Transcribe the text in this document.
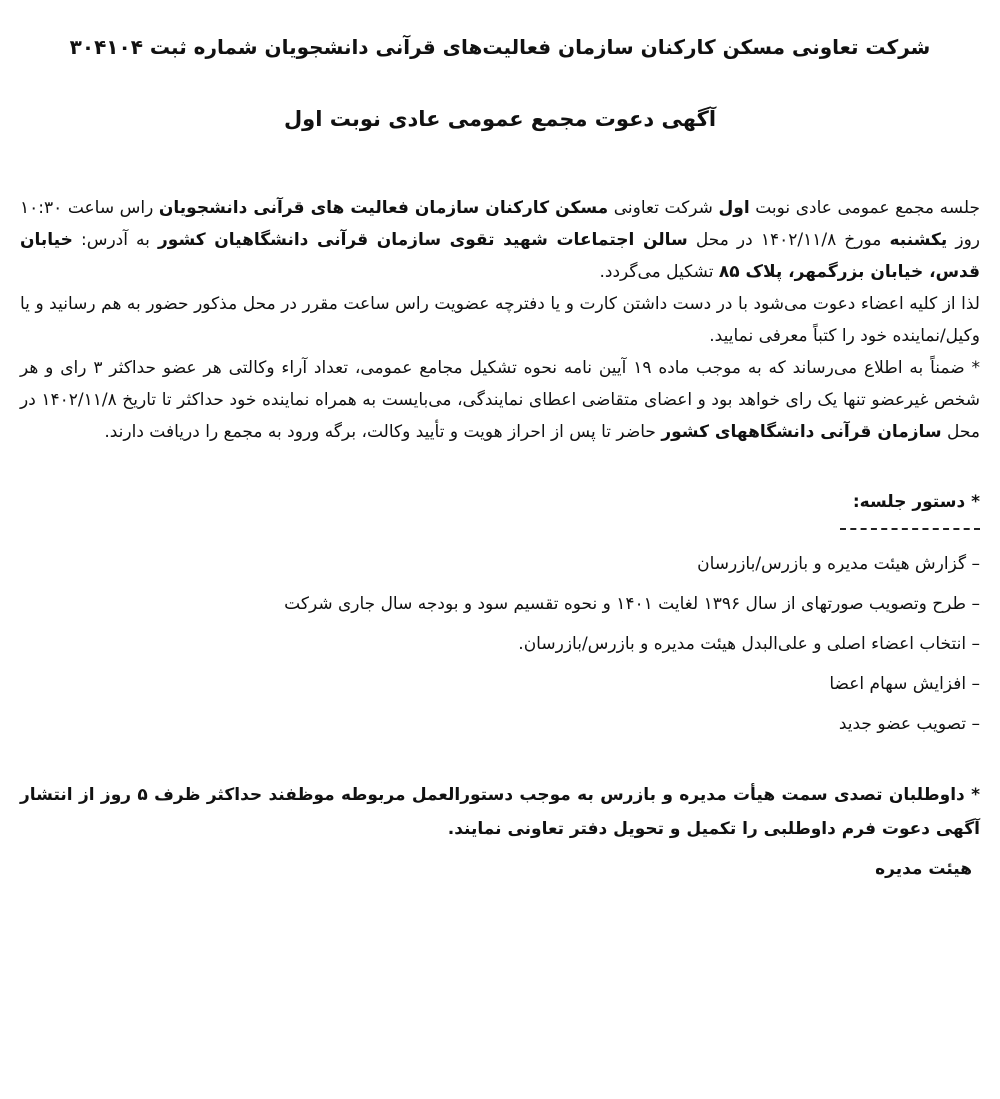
شرکت تعاونی مسکن کارکنان سازمان فعالیت‌های قرآنی دانشجویان شماره ثبت ۳۰۴۱۰۴
آگهی دعوت مجمع عمومی عادی نوبت اول

جلسه مجمع عمومی عادی نوبت اول شرکت تعاونی مسکن کارکنان سازمان فعالیت های قرآنی دانشجویان راس ساعت ۱۰:۳۰ روز یکشنبه مورخ ۱۴۰۲/۱۱/۸ در محل سالن اجتماعات شهید تقوی سازمان قرآنی دانشگاهیان کشور به آدرس: خیابان قدس، خیابان بزرگمهر، پلاک ۸۵ تشکیل می‌گردد.

لذا از کلیه اعضاء دعوت می‌شود با در دست داشتن کارت و یا دفترچه عضویت راس ساعت مقرر در محل مذکور حضور به هم رسانید و یا وکیل/نماینده خود را کتباً معرفی نمایید.

* ضمناً به اطلاع می‌رساند که به موجب ماده ۱۹ آیین نامه نحوه تشکیل مجامع عمومی، تعداد آراء وکالتی هر عضو حداکثر ۳ رای و هر شخص غیرعضو تنها یک رای خواهد بود و اعضای متقاضی اعطای نمایندگی، می‌بایست به همراه نماینده خود حداکثر تا تاریخ ۱۴۰۲/۱۱/۸ در محل سازمان قرآنی دانشگاههای کشور حاضر تا پس از احراز هویت و تأیید وکالت، برگه ورود به مجمع را دریافت دارند.

* دستور جلسه:
– گزارش هیئت مدیره و بازرس/بازرسان
– طرح وتصویب صورتهای از سال ۱۳۹۶ لغایت ۱۴۰۱ و نحوه تقسیم سود و بودجه سال جاری شرکت
– انتخاب اعضاء اصلی و علی‌البدل هیئت مدیره و بازرس/بازرسان.
– افزایش سهام اعضا
– تصویب عضو جدید
* داوطلبان تصدی سمت هیأت مدیره و بازرس به موجب دستورالعمل مربوطه موظفند حداکثر ظرف ۵ روز از انتشار آگهی دعوت فرم داوطلبی را تکمیل و تحویل دفتر تعاونی نمایند.
هیئت مدیره
